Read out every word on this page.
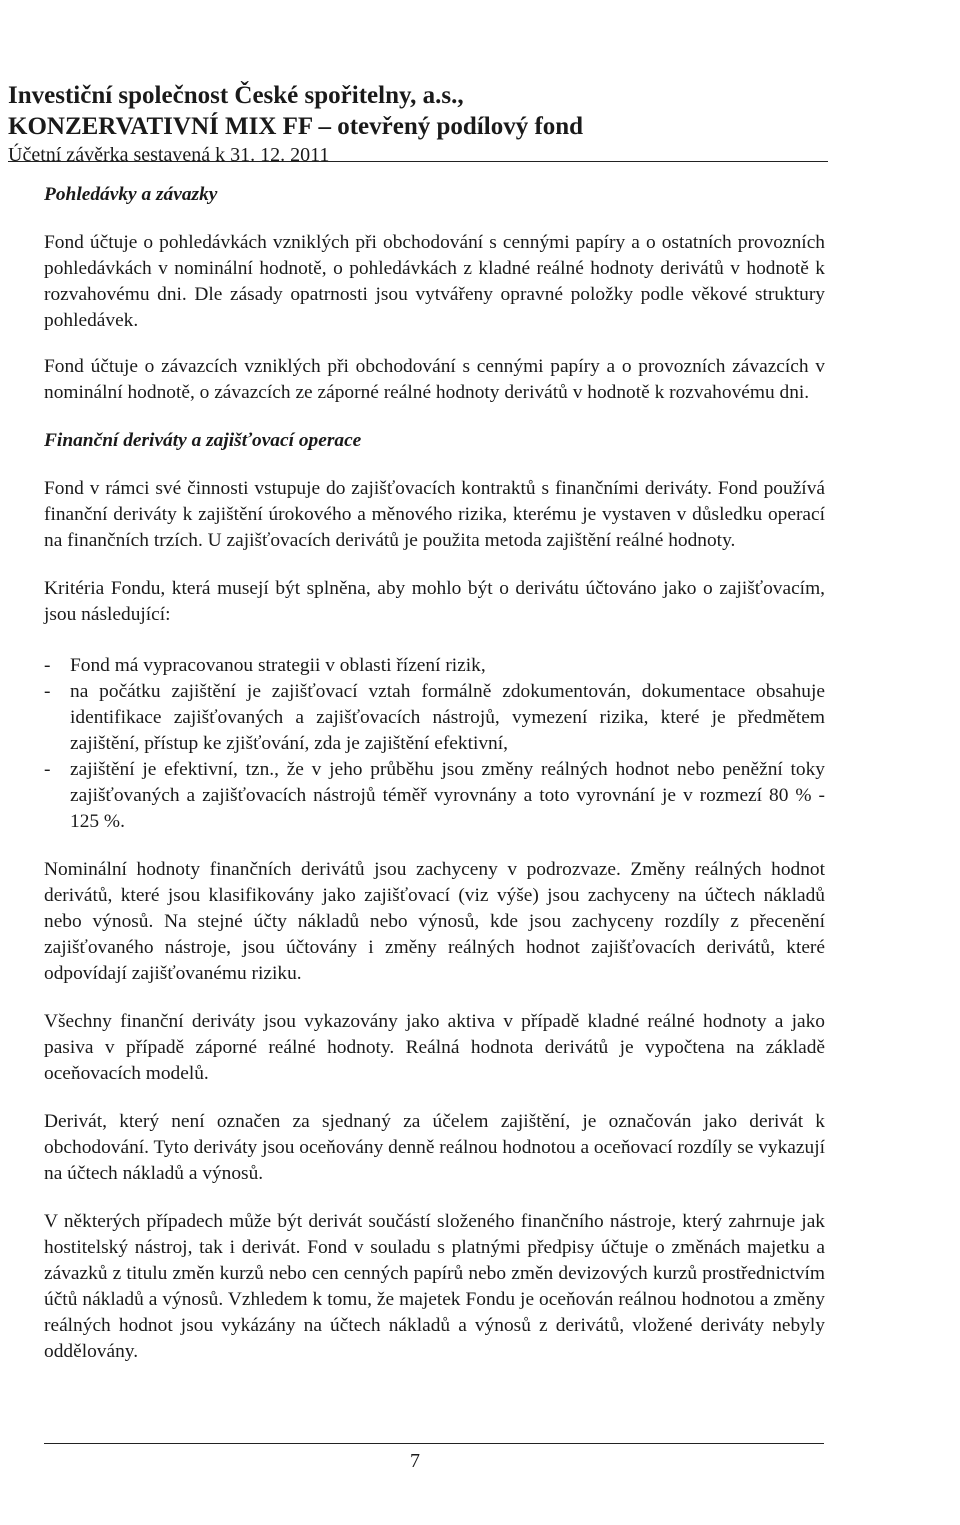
Investiční společnost České spořitelny, a.s.,

KONZERVATIVNÍ MIX FF – otevřený podílový fond

Účetní závěrka sestavená k 31. 12. 2011

Pohledávky a závazky

Fond účtuje o pohledávkách vzniklých při obchodování s cennými papíry a o ostatních provozních pohledávkách v nominální hodnotě, o pohledávkách z kladné reálné hodnoty derivátů v hodnotě k rozvahovému dni. Dle zásady opatrnosti jsou vytvářeny opravné položky podle věkové struktury pohledávek.

Fond účtuje o závazcích vzniklých při obchodování s cennými papíry a o provozních závazcích v nominální hodnotě, o závazcích ze záporné reálné hodnoty derivátů v hodnotě k rozvahovému dni.

Finanční deriváty a zajišťovací operace

Fond v rámci své činnosti vstupuje do zajišťovacích kontraktů s finančními deriváty. Fond používá finanční deriváty k zajištění úrokového a měnového rizika, kterému je vystaven v důsledku operací na finančních trzích. U zajišťovacích derivátů je použita metoda zajištění reálné hodnoty.

Kritéria Fondu, která musejí být splněna, aby mohlo být o derivátu účtováno jako o zajišťovacím, jsou následující:

- Fond má vypracovanou strategii v oblasti řízení rizik,
- na počátku zajištění je zajišťovací vztah formálně zdokumentován, dokumentace obsahuje identifikace zajišťovaných a zajišťovacích nástrojů, vymezení rizika, které je předmětem zajištění, přístup ke zjišťování, zda je zajištění efektivní,
- zajištění je efektivní, tzn., že v jeho průběhu jsou změny reálných hodnot nebo peněžní toky zajišťovaných a zajišťovacích nástrojů téměř vyrovnány a toto vyrovnání je v rozmezí 80 % - 125 %.

Nominální hodnoty finančních derivátů jsou zachyceny v podrozvaze. Změny reálných hodnot derivátů, které jsou klasifikovány jako zajišťovací (viz výše) jsou zachyceny na účtech nákladů nebo výnosů. Na stejné účty nákladů nebo výnosů, kde jsou zachyceny rozdíly z přecenění zajišťovaného nástroje, jsou účtovány i změny reálných hodnot zajišťovacích derivátů, které odpovídají zajišťovanému riziku.

Všechny finanční deriváty jsou vykazovány jako aktiva v případě kladné reálné hodnoty a jako pasiva v případě záporné reálné hodnoty. Reálná hodnota derivátů je vypočtena na základě oceňovacích modelů.

Derivát, který není označen za sjednaný za účelem zajištění, je označován jako derivát k obchodování. Tyto deriváty jsou oceňovány denně reálnou hodnotou a oceňovací rozdíly se vykazují na účtech nákladů a výnosů.

V některých případech může být derivát součástí složeného finančního nástroje, který zahrnuje jak hostitelský nástroj, tak i derivát. Fond v souladu s platnými předpisy účtuje o změnách majetku a závazků z titulu změn kurzů nebo cen cenných papírů nebo změn devizových kurzů prostřednictvím účtů nákladů a výnosů. Vzhledem k tomu, že majetek Fondu je oceňován reálnou hodnotou a změny reálných hodnot jsou vykázány na účtech nákladů a výnosů z derivátů, vložené deriváty nebyly oddělovány.

7
